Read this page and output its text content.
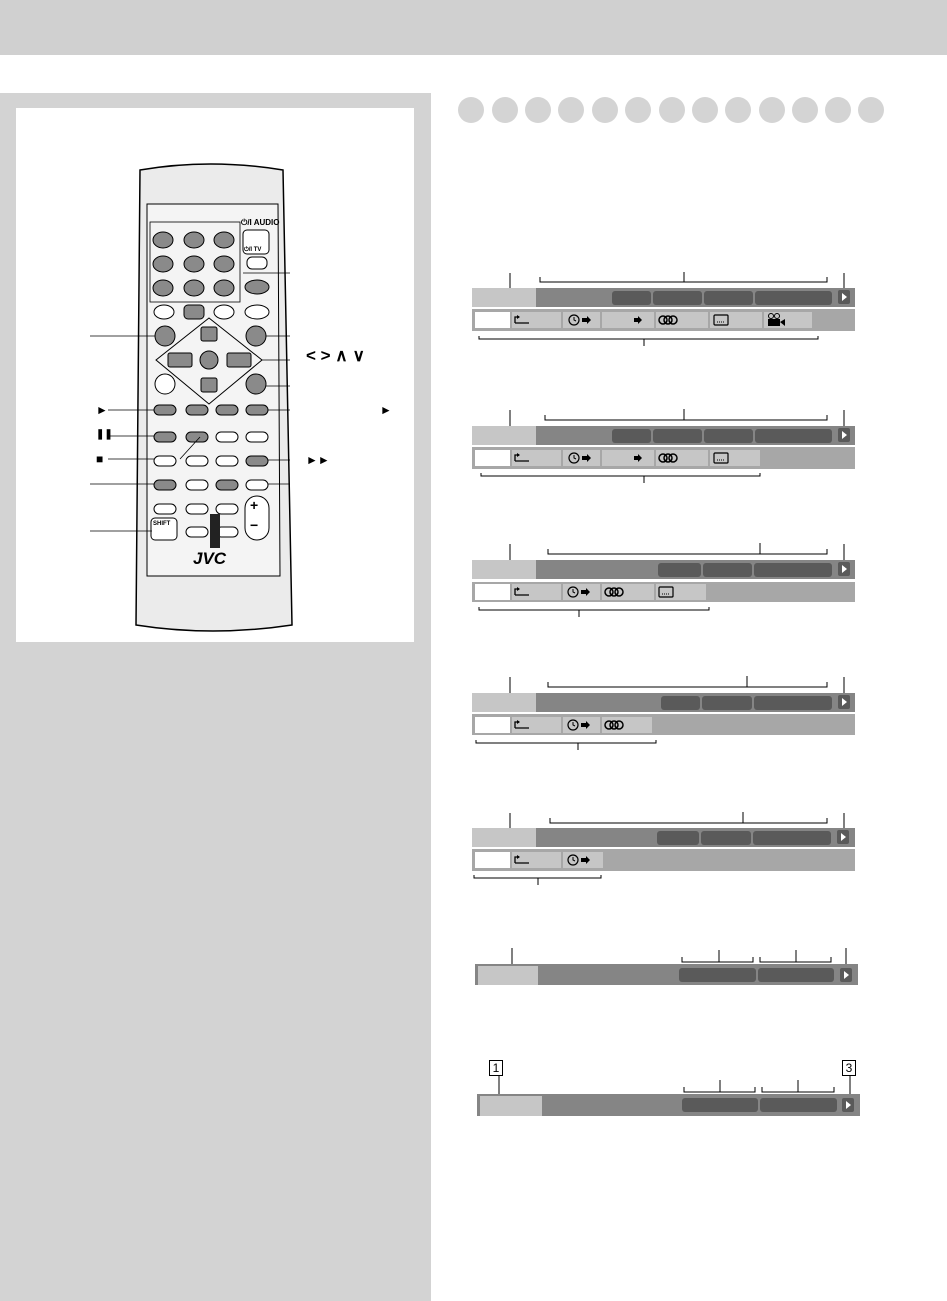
JVC
⏻/I AUDIO
⏻/I TV
SHIFT
+
−
< > ∧ ∨
►
❚❚
■	►►
►
1	3
